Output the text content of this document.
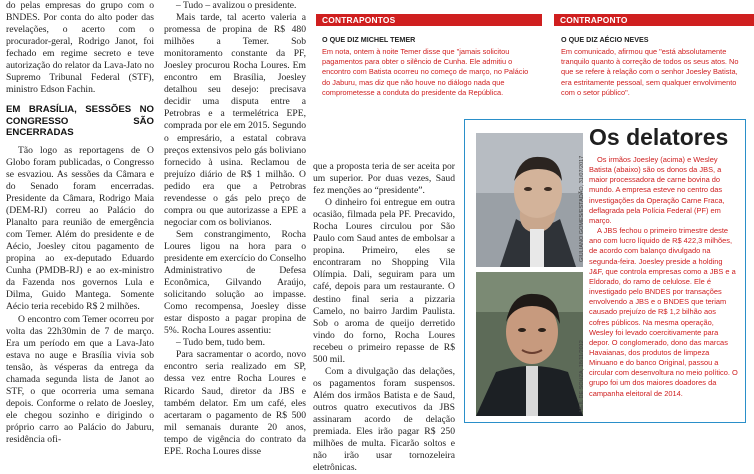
do pelas empresas do grupo com o BNDES. Por conta do alto poder das revelações, o acerto com o procurador-geral, Rodrigo Janot, foi fechado em regime secreto e teve autorização do relator da Lava-Jato no Supremo Tribunal Federal (STF), ministro Edson Fachin.

EM BRASÍLIA, SESSÕES NO CONGRESSO SÃO ENCERRADAS

Tão logo as reportagens de O Globo foram publicadas, o Congresso se esvaziou. As sessões da Câmara e do Senado foram encerradas. Presidente da Câmara, Rodrigo Maia (DEM-RJ) correu ao Palácio do Planalto para reunião de emergência com Temer. Além do presidente e de Aécio, Joesley citou pagamento de propina ao ex-deputado Eduardo Cunha (PMDB-RJ) e ao ex-ministro da Fazenda nos governos Lula e Dilma, Guido Mantega. Somente Aécio teria recebido R$ 2 milhões.

O encontro com Temer ocorreu por volta das 22h30min de 7 de março. Era um período em que a Lava-Jato estava no auge e Brasília vivia sob tensão, às vésperas da entrega da chamada segunda lista de Janot ao STF, o que ocorreria uma semana depois. Conforme o relato de Joesley, ele chegou sozinho e dirigindo o próprio carro ao Palácio do Jaburu, residência ofi-

– Tudo – avalizou o presidente.

Mais tarde, tal acerto valeria a promessa de propina de R$ 480 milhões a Temer. Sob monitoramento constante da PF, Joesley procurou Rocha Loures. Em encontro em Brasília, Joesley detalhou seu desejo: precisava decidir uma disputa entre a Petrobras e a termelétrica EPE, comprada por ele em 2015. Segundo o empresário, a estatal cobrava preços extensivos pelo gás boliviano fornecido à usina. Reclamou de prejuízo diário de R$ 1 milhão. O pedido era que a Petrobras revendesse o gás pelo preço de compra ou que autorizasse a EPE a negociar com os bolivianos.

Sem constrangimento, Rocha Loures ligou na hora para o presidente em exercício do Conselho Administrativo de Defesa Econômica, Gilvando Araújo, solicitando solução ao impasse. Como recompensa, Joesley disse estar disposto a pagar propina de 5%. Rocha Loures assentiu:

– Tudo bem, tudo bem.

Para sacramentar o acordo, novo encontro seria realizado em SP, dessa vez entre Rocha Loures e Ricardo Saud, diretor da JBS e também delator. Em um café, eles acertaram o pagamento de R$ 500 mil semanais durante 20 anos, tempo de vigência do contrato da EPE. Rocha Loures disse

que a proposta teria de ser aceita por um superior. Por duas vezes, Saud fez menções ao “presidente”.

O dinheiro foi entregue em outra ocasião, filmada pela PF. Precavido, Rocha Loures circulou por São Paulo com Saud antes de embolsar a propina. Primeiro, eles se encontraram no Shopping Vila Olímpia. Dali, seguiram para um café, depois para um restaurante. O destino final seria a pizzaria Camelo, no bairro Jardim Paulista. Sob o aroma de queijo derretido vindo do forno, Rocha Loures recebeu o primeiro repasse de R$ 500 mil.

Com a divulgação das delações, os pagamentos foram suspensos. Além dos irmãos Batista e de Saud, outros quatro executivos da JBS assinaram acordo de delação premiada. Eles irão pagar R$ 250 milhões de multa. Ficarão soltos e não irão usar tornozeleira eletrônicas.

CONTRAPONTOS
O QUE DIZ MICHEL TEMER
Em nota, ontem à noite Temer disse que "jamais solicitou pagamentos para obter o silêncio de Cunha. Ele admitiu o encontro com Batista ocorreu no começo de março, no Palácio do Jaburu, mas diz que não houve no diálogo nada que comprometesse a conduta do presidente da República.
CONTRAPONTO
O QUE DIZ AÉCIO NEVES
Em comunicado, afirmou que "está absolutamente tranquilo quanto à correção de todos os seus atos. No que se refere à relação com o senhor Joesley Batista, era estritamente pessoal, sem qualquer envolvimento com o setor público".
GIULIANO GOMES/ESTADÃO, 31/07/2017
NEIL DE SOUZA, 18/11/2012
Os delatores

Os irmãos Joesley (acima) e Wesley Batista (abaixo) são os donos da JBS, a maior processadora de carne bovina do mundo. A empresa esteve no centro das investigações da Operação Carne Fraca, deflagrada pela Polícia Federal (PF) em março.

A JBS fechou o primeiro trimestre deste ano com lucro líquido de R$ 422,3 milhões, de acordo com balanço divulgado na segunda-feira. Joesley preside a holding J&F, que controla empresas como a JBS e a Eldorado, do ramo de celulose. Ele é investigado pelo BNDES por transações envolvendo a JBS e o BNDES que teriam causado prejuízo de R$ 1,2 bilhão aos cofres públicos. Na mesma operação, Wesley foi levado coercitivamente para depor. O conglomerado, dono das marcas Havaianas, dos produtos de limpeza Minuano e do banco Original, passou a circular com desenvoltura no meio político. O grupo foi um dos maiores doadores da campanha eleitoral de 2014.
